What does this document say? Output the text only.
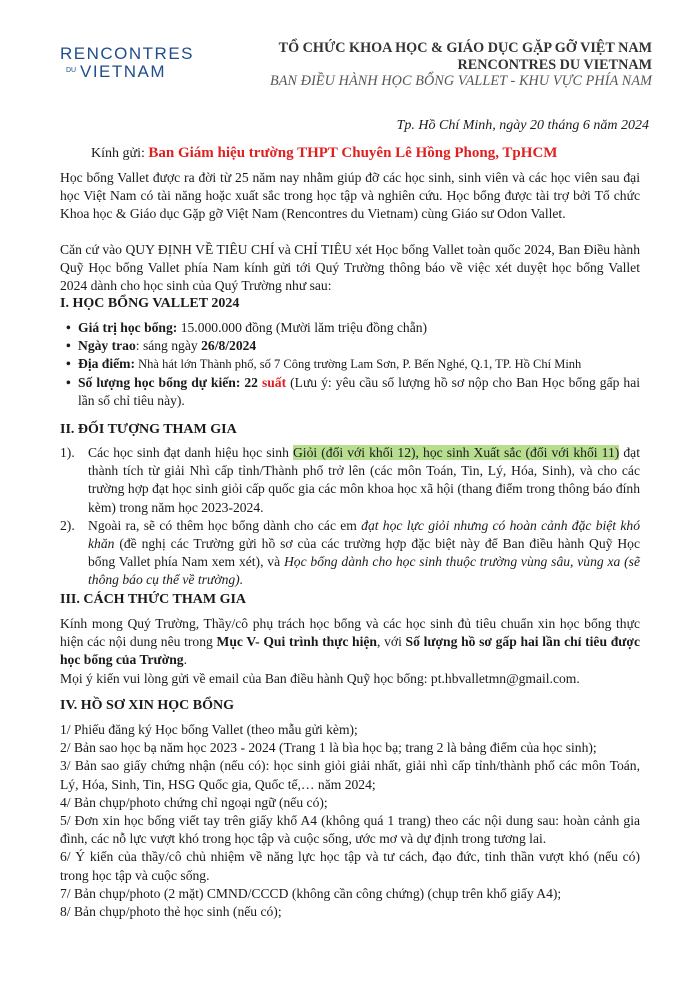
RENCONTRES
DU VIETNAM
TỔ CHỨC KHOA HỌC & GIÁO DỤC GẶP GỠ VIỆT NAM
RENCONTRES DU VIETNAM
BAN ĐIỀU HÀNH HỌC BỔNG VALLET - KHU VỰC PHÍA NAM
Tp. Hồ Chí Minh, ngày 20 tháng 6 năm 2024
Kính gửi: Ban Giám hiệu trường THPT Chuyên Lê Hồng Phong, TpHCM
Học bổng Vallet được ra đời từ 25 năm nay nhằm giúp đỡ các học sinh, sinh viên và các học viên sau đại học Việt Nam có tài năng hoặc xuất sắc trong học tập và nghiên cứu. Học bổng được tài trợ bởi Tổ chức Khoa học & Giáo dục Gặp gỡ Việt Nam (Rencontres du Vietnam) cùng Giáo sư Odon Vallet.
Căn cứ vào QUY ĐỊNH VỀ TIÊU CHÍ và CHỈ TIÊU xét Học bổng Vallet toàn quốc 2024, Ban Điều hành Quỹ Học bổng Vallet phía Nam kính gửi tới Quý Trường thông báo về việc xét duyệt học bổng Vallet 2024 dành cho học sinh của Quý Trường như sau:
I. HỌC BỔNG VALLET 2024
• Giá trị học bổng: 15.000.000 đồng (Mười lăm triệu đồng chẵn)
• Ngày trao: sáng ngày 26/8/2024
• Địa điểm: Nhà hát lớn Thành phố, số 7 Công trường Lam Sơn, P. Bến Nghé, Q.1, TP. Hồ Chí Minh
• Số lượng học bổng dự kiến: 22 suất (Lưu ý: yêu cầu số lượng hồ sơ nộp cho Ban Học bổng gấp hai lần số chỉ tiêu này).
II. ĐỐI TƯỢNG THAM GIA
1). Các học sinh đạt danh hiệu học sinh Giỏi (đối với khối 12), học sinh Xuất sắc (đối với khối 11) đạt thành tích từ giải Nhì cấp tỉnh/Thành phố trở lên (các môn Toán, Tin, Lý, Hóa, Sinh), và cho các trường hợp đạt học sinh giỏi cấp quốc gia các môn khoa học xã hội (thang điểm trong thông báo đính kèm) trong năm học 2023-2024.
2). Ngoài ra, sẽ có thêm học bổng dành cho các em đạt học lực giỏi nhưng có hoàn cảnh đặc biệt khó khăn (đề nghị các Trường gửi hồ sơ của các trường hợp đặc biệt này để Ban điều hành Quỹ Học bổng Vallet phía Nam xem xét), và Học bổng dành cho học sinh thuộc trường vùng sâu, vùng xa (sẽ thông báo cụ thể về trường).
III. CÁCH THỨC THAM GIA
Kính mong Quý Trường, Thầy/cô phụ trách học bổng và các học sinh đủ tiêu chuẩn xin học bổng thực hiện các nội dung nêu trong Mục V- Qui trình thực hiện, với Số lượng hồ sơ gấp hai lần chỉ tiêu được học bổng của Trường.
Mọi ý kiến vui lòng gửi về email của Ban điều hành Quỹ học bổng: pt.hbvalletmn@gmail.com.
IV. HỒ SƠ XIN HỌC BỔNG
1/ Phiếu đăng ký Học bổng Vallet (theo mẫu gửi kèm);
2/ Bản sao học bạ năm học 2023 - 2024 (Trang 1 là bìa học bạ; trang 2 là bảng điểm của học sinh);
3/ Bản sao giấy chứng nhận (nếu có): học sinh giỏi giải nhất, giải nhì cấp tỉnh/thành phố các môn Toán, Lý, Hóa, Sinh, Tin, HSG Quốc gia, Quốc tế,… năm 2024;
4/ Bản chụp/photo chứng chỉ ngoại ngữ (nếu có);
5/ Đơn xin học bổng viết tay trên giấy khổ A4 (không quá 1 trang) theo các nội dung sau: hoàn cảnh gia đình, các nỗ lực vượt khó trong học tập và cuộc sống, ước mơ và dự định trong tương lai.
6/ Ý kiến của thầy/cô chủ nhiệm về năng lực học tập và tư cách, đạo đức, tinh thần vượt khó (nếu có) trong học tập và cuộc sống.
7/ Bản chụp/photo (2 mặt) CMND/CCCD (không cần công chứng) (chụp trên khổ giấy A4);
8/ Bản chụp/photo thẻ học sinh (nếu có);
